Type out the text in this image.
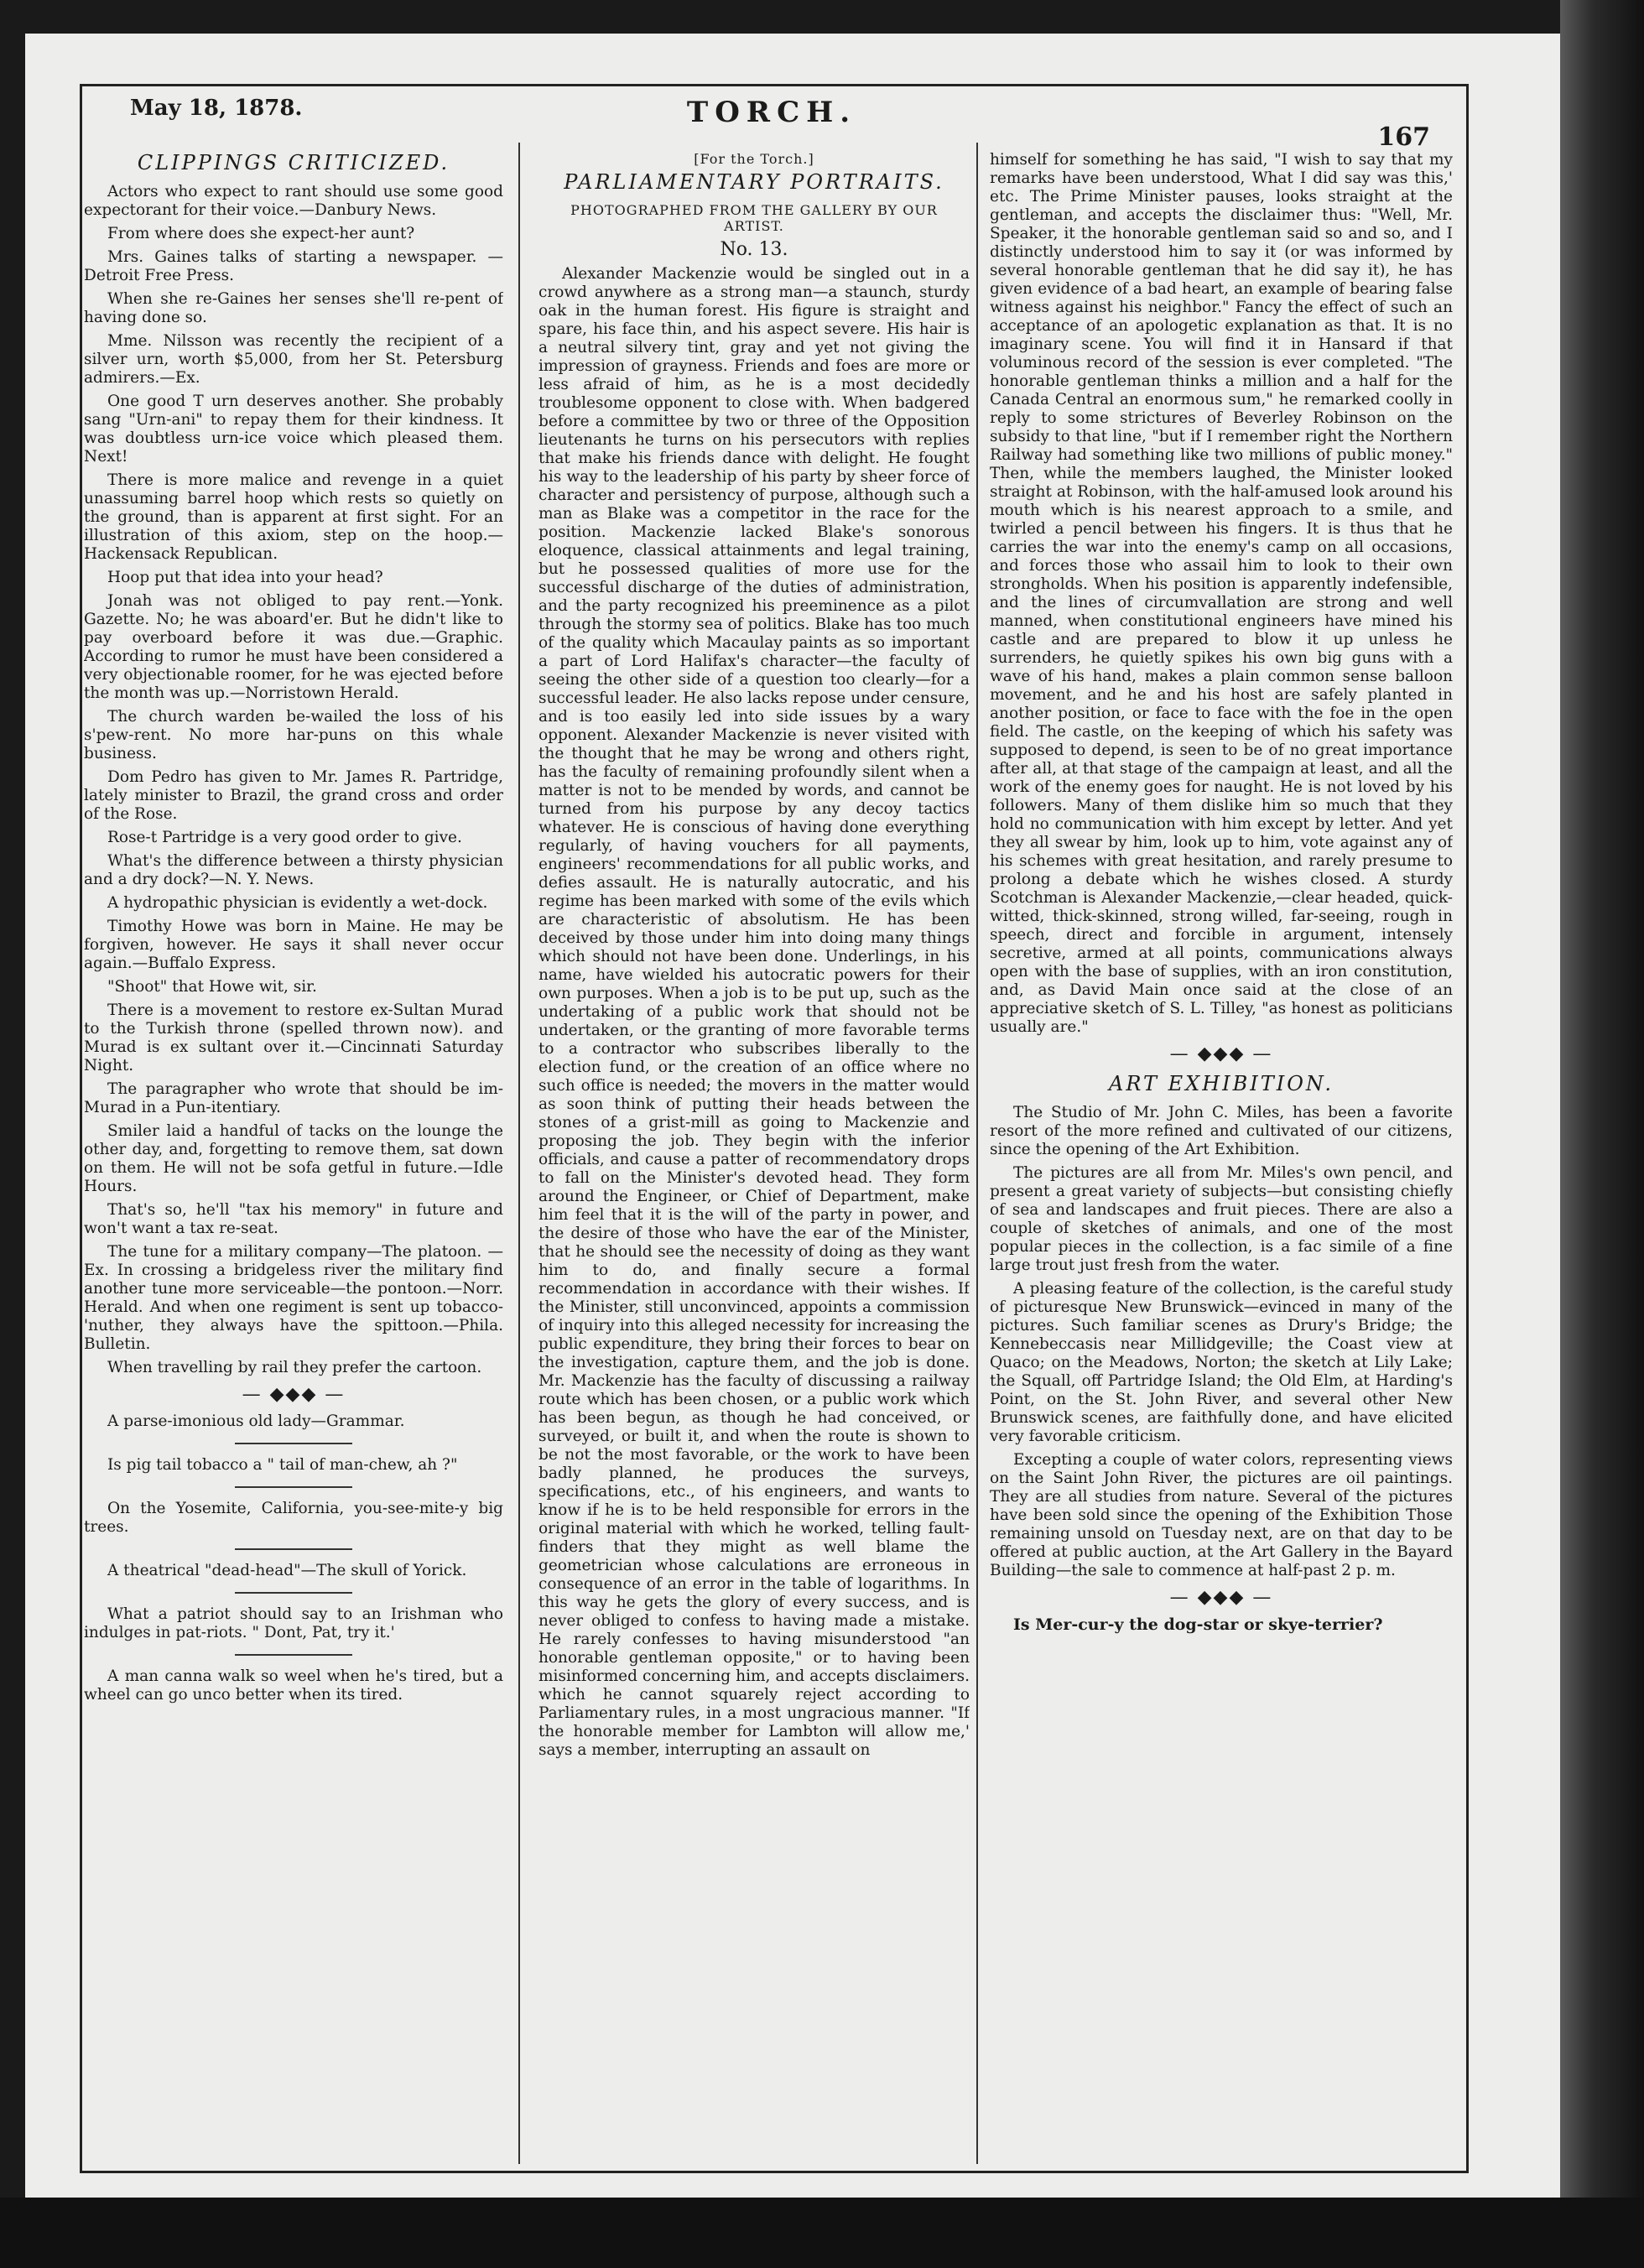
May 18, 1878.	TORCH.
167
CLIPPINGS CRITICIZED.

Actors who expect to rant should use some good expectorant for their voice.—Danbury News.

From where does she expect-her aunt?

Mrs. Gaines talks of starting a newspaper. —Detroit Free Press.

When she re-Gaines her senses she'll re-pent of having done so.

Mme. Nilsson was recently the recipient of a silver urn, worth $5,000, from her St. Petersburg admirers.—Ex.

One good T urn deserves another. She probably sang "Urn-ani" to repay them for their kindness. It was doubtless urn-ice voice which pleased them. Next!

There is more malice and revenge in a quiet unassuming barrel hoop which rests so quietly on the ground, than is apparent at first sight. For an illustration of this axiom, step on the hoop.—Hackensack Republican.

Hoop put that idea into your head?

Jonah was not obliged to pay rent.—Yonk. Gazette. No; he was aboard'er. But he didn't like to pay overboard before it was due.—Graphic. According to rumor he must have been considered a very objectionable roomer, for he was ejected before the month was up.—Norristown Herald.

The church warden be-wailed the loss of his s'pew-rent. No more har-puns on this whale business.

Dom Pedro has given to Mr. James R. Partridge, lately minister to Brazil, the grand cross and order of the Rose.

Rose-t Partridge is a very good order to give.

What's the difference between a thirsty physician and a dry dock?—N. Y. News.

A hydropathic physician is evidently a wet-dock.

Timothy Howe was born in Maine. He may be forgiven, however. He says it shall never occur again.—Buffalo Express.

"Shoot" that Howe wit, sir.

There is a movement to restore ex-Sultan Murad to the Turkish throne (spelled thrown now). and Murad is ex sultant over it.—Cincinnati Saturday Night.

The paragrapher who wrote that should be im-Murad in a Pun-itentiary.

Smiler laid a handful of tacks on the lounge the other day, and, forgetting to remove them, sat down on them. He will not be sofa getful in future.—Idle Hours.

That's so, he'll "tax his memory" in future and won't want a tax re-seat.

The tune for a military company—The platoon. —Ex. In crossing a bridgeless river the military find another tune more serviceable—the pontoon.—Norr. Herald. And when one regiment is sent up tobacco-'nuther, they always have the spittoon.—Phila. Bulletin.

When travelling by rail they prefer the cartoon.

— ◆◆◆ —

A parse-imonious old lady—Grammar.

Is pig tail tobacco a " tail of man-chew, ah ?"

On the Yosemite, California, you-see-mite-y big trees.

A theatrical "dead-head"—The skull of Yorick.

What a patriot should say to an Irishman who indulges in pat-riots. " Dont, Pat, try it.'

A man canna walk so weel when he's tired, but a wheel can go unco better when its tired.

[For the Torch.]
PARLIAMENTARY PORTRAITS.
PHOTOGRAPHED FROM THE GALLERY BY OUR ARTIST.
No. 13.

Alexander Mackenzie would be singled out in a crowd anywhere as a strong man—a staunch, sturdy oak in the human forest. His figure is straight and spare, his face thin, and his aspect severe. His hair is a neutral silvery tint, gray and yet not giving the impression of grayness. Friends and foes are more or less afraid of him, as he is a most decidedly troublesome opponent to close with. When badgered before a committee by two or three of the Opposition lieutenants he turns on his persecutors with replies that make his friends dance with delight. He fought his way to the leadership of his party by sheer force of character and persistency of purpose, although such a man as Blake was a competitor in the race for the position. Mackenzie lacked Blake's sonorous eloquence, classical attainments and legal training, but he possessed qualities of more use for the successful discharge of the duties of administration, and the party recognized his preeminence as a pilot through the stormy sea of politics. Blake has too much of the quality which Macaulay paints as so important a part of Lord Halifax's character—the faculty of seeing the other side of a question too clearly—for a successful leader. He also lacks repose under censure, and is too easily led into side issues by a wary opponent. Alexander Mackenzie is never visited with the thought that he may be wrong and others right, has the faculty of remaining profoundly silent when a matter is not to be mended by words, and cannot be turned from his purpose by any decoy tactics whatever. He is conscious of having done everything regularly, of having vouchers for all payments, engineers' recommendations for all public works, and defies assault. He is naturally autocratic, and his regime has been marked with some of the evils which are characteristic of absolutism. He has been deceived by those under him into doing many things which should not have been done. Underlings, in his name, have wielded his autocratic powers for their own purposes. When a job is to be put up, such as the undertaking of a public work that should not be undertaken, or the granting of more favorable terms to a contractor who subscribes liberally to the election fund, or the creation of an office where no such office is needed; the movers in the matter would as soon think of putting their heads between the stones of a grist-mill as going to Mackenzie and proposing the job. They begin with the inferior officials, and cause a patter of recommendatory drops to fall on the Minister's devoted head. They form around the Engineer, or Chief of Department, make him feel that it is the will of the party in power, and the desire of those who have the ear of the Minister, that he should see the necessity of doing as they want him to do, and finally secure a formal recommendation in accordance with their wishes. If the Minister, still unconvinced, appoints a commission of inquiry into this alleged necessity for increasing the public expenditure, they bring their forces to bear on the investigation, capture them, and the job is done. Mr. Mackenzie has the faculty of discussing a railway route which has been chosen, or a public work which has been begun, as though he had conceived, or surveyed, or built it, and when the route is shown to be not the most favorable, or the work to have been badly planned, he produces the surveys, specifications, etc., of his engineers, and wants to know if he is to be held responsible for errors in the original material with which he worked, telling fault-finders that they might as well blame the geometrician whose calculations are erroneous in consequence of an error in the table of logarithms. In this way he gets the glory of every success, and is never obliged to confess to having made a mistake. He rarely confesses to having misunderstood "an honorable gentleman opposite," or to having been misinformed concerning him, and accepts disclaimers. which he cannot squarely reject according to Parliamentary rules, in a most ungracious manner. "If the honorable member for Lambton will allow me,' says a member, interrupting an assault on

himself for something he has said, "I wish to say that my remarks have been understood, What I did say was this,' etc. The Prime Minister pauses, looks straight at the gentleman, and accepts the disclaimer thus: "Well, Mr. Speaker, it the honorable gentleman said so and so, and I distinctly understood him to say it (or was informed by several honorable gentleman that he did say it), he has given evidence of a bad heart, an example of bearing false witness against his neighbor." Fancy the effect of such an acceptance of an apologetic explanation as that. It is no imaginary scene. You will find it in Hansard if that voluminous record of the session is ever completed. "The honorable gentleman thinks a million and a half for the Canada Central an enormous sum," he remarked coolly in reply to some strictures of Beverley Robinson on the subsidy to that line, "but if I remember right the Northern Railway had something like two millions of public money." Then, while the members laughed, the Minister looked straight at Robinson, with the half-amused look around his mouth which is his nearest approach to a smile, and twirled a pencil between his fingers. It is thus that he carries the war into the enemy's camp on all occasions, and forces those who assail him to look to their own strongholds. When his position is apparently indefensible, and the lines of circumvallation are strong and well manned, when constitutional engineers have mined his castle and are prepared to blow it up unless he surrenders, he quietly spikes his own big guns with a wave of his hand, makes a plain common sense balloon movement, and he and his host are safely planted in another position, or face to face with the foe in the open field. The castle, on the keeping of which his safety was supposed to depend, is seen to be of no great importance after all, at that stage of the campaign at least, and all the work of the enemy goes for naught. He is not loved by his followers. Many of them dislike him so much that they hold no communication with him except by letter. And yet they all swear by him, look up to him, vote against any of his schemes with great hesitation, and rarely presume to prolong a debate which he wishes closed. A sturdy Scotchman is Alexander Mackenzie,—clear headed, quick-witted, thick-skinned, strong willed, far-seeing, rough in speech, direct and forcible in argument, intensely secretive, armed at all points, communications always open with the base of supplies, with an iron constitution, and, as David Main once said at the close of an appreciative sketch of S. L. Tilley, "as honest as politicians usually are."

— ◆◆◆ —
ART EXHIBITION.

The Studio of Mr. John C. Miles, has been a favorite resort of the more refined and cultivated of our citizens, since the opening of the Art Exhibition.

The pictures are all from Mr. Miles's own pencil, and present a great variety of subjects—but consisting chiefly of sea and landscapes and fruit pieces. There are also a couple of sketches of animals, and one of the most popular pieces in the collection, is a fac simile of a fine large trout just fresh from the water.

A pleasing feature of the collection, is the careful study of picturesque New Brunswick—evinced in many of the pictures. Such familiar scenes as Drury's Bridge; the Kennebeccasis near Millidgeville; the Coast view at Quaco; on the Meadows, Norton; the sketch at Lily Lake; the Squall, off Partridge Island; the Old Elm, at Harding's Point, on the St. John River, and several other New Brunswick scenes, are faithfully done, and have elicited very favorable criticism.

Excepting a couple of water colors, representing views on the Saint John River, the pictures are oil paintings. They are all studies from nature. Several of the pictures have been sold since the opening of the Exhibition Those remaining unsold on Tuesday next, are on that day to be offered at public auction, at the Art Gallery in the Bayard Building—the sale to commence at half-past 2 p. m.

— ◆◆◆ —

Is Mer-cur-y the dog-star or skye-terrier?
